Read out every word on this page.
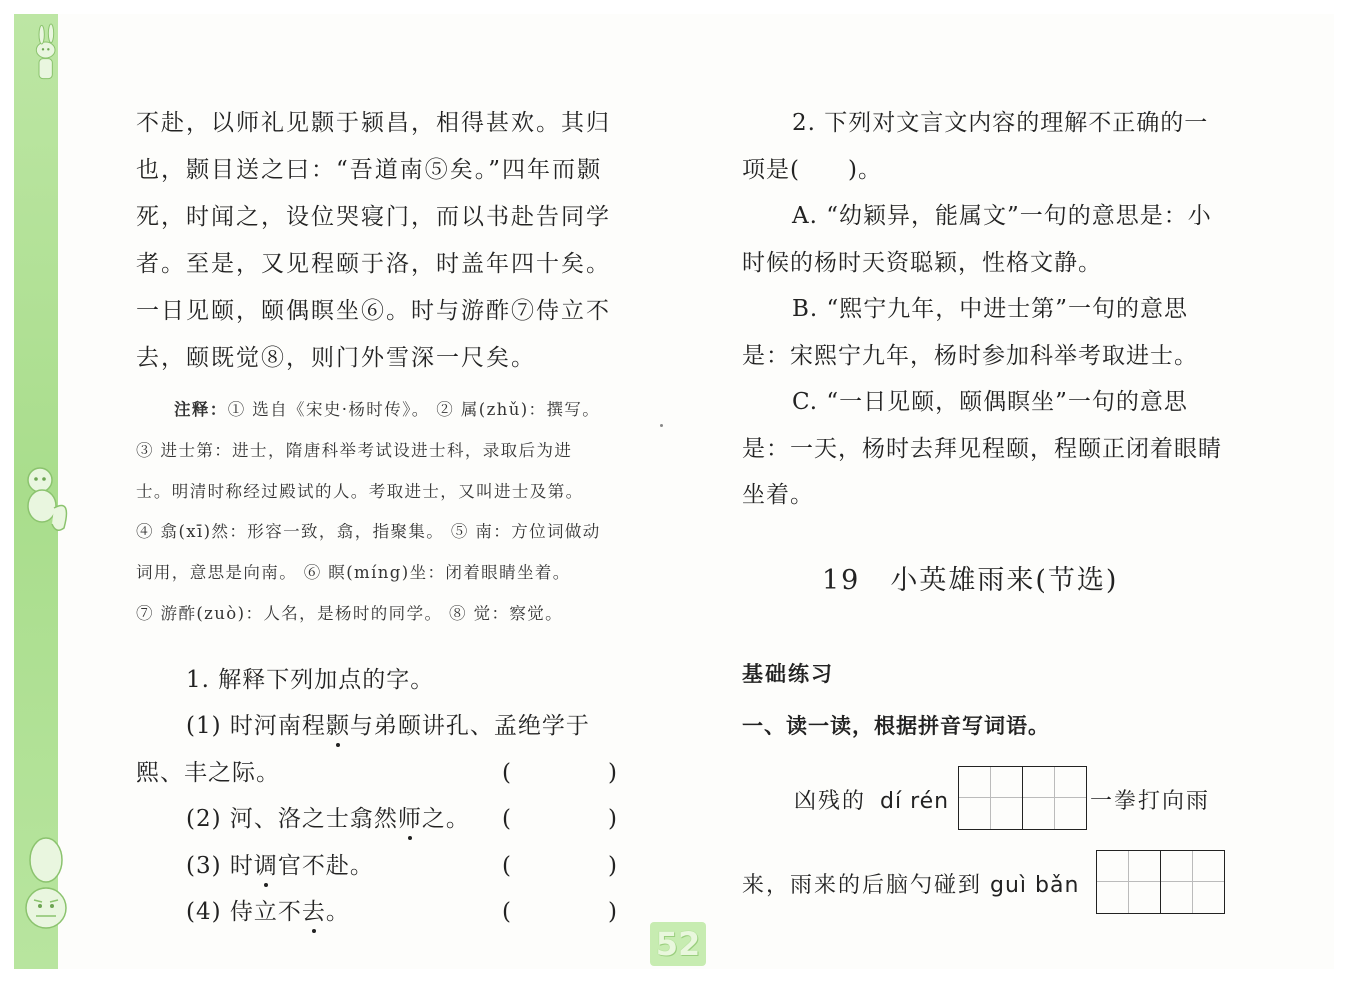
不赴，以师礼见颢于颍昌，相得甚欢。其归

也，颢目送之曰：“吾道南⑤矣。”四年而颢

死，时闻之，设位哭寝门，而以书赴告同学

者。至是，又见程颐于洛，时盖年四十矣。

一日见颐，颐偶瞑坐⑥。时与游酢⑦侍立不

去，颐既觉⑧，则门外雪深一尺矣。

注释：① 选自《宋史·杨时传》。 ② 属(zhǔ)：撰写。

③ 进士第：进士，隋唐科举考试设进士科，录取后为进

士。明清时称经过殿试的人。考取进士，又叫进士及第。

④ 翕(xī)然：形容一致，翕，指聚集。 ⑤ 南：方位词做动

词用，意思是向南。 ⑥ 瞑(míng)坐：闭着眼睛坐着。

⑦ 游酢(zuò)：人名，是杨时的同学。 ⑧ 觉：察觉。

1. 解释下列加点的字。

(1) 时河南程颢与弟颐讲孔、孟绝学于

熙、丰之际。	(　　　　)

(2) 河、洛之士翕然师之。	(　　　　)

(3) 时调官不赴。	(　　　　)

(4) 侍立不去。	(　　　　)

2. 下列对文言文内容的理解不正确的一

项是(　　)。

A. “幼颖异，能属文”一句的意思是：小

时候的杨时天资聪颖，性格文静。

B. “熙宁九年，中进士第”一句的意思

是：宋熙宁九年，杨时参加科举考取进士。

C. “一日见颐，颐偶瞑坐”一句的意思

是：一天，杨时去拜见程颐，程颐正闭着眼睛

坐着。

19 小英雄雨来(节选)
基础练习
一、读一读，根据拼音写词语。
凶残的 dí rén	一拳打向雨
来，雨来的后脑勺碰到 guì bǎn
52
